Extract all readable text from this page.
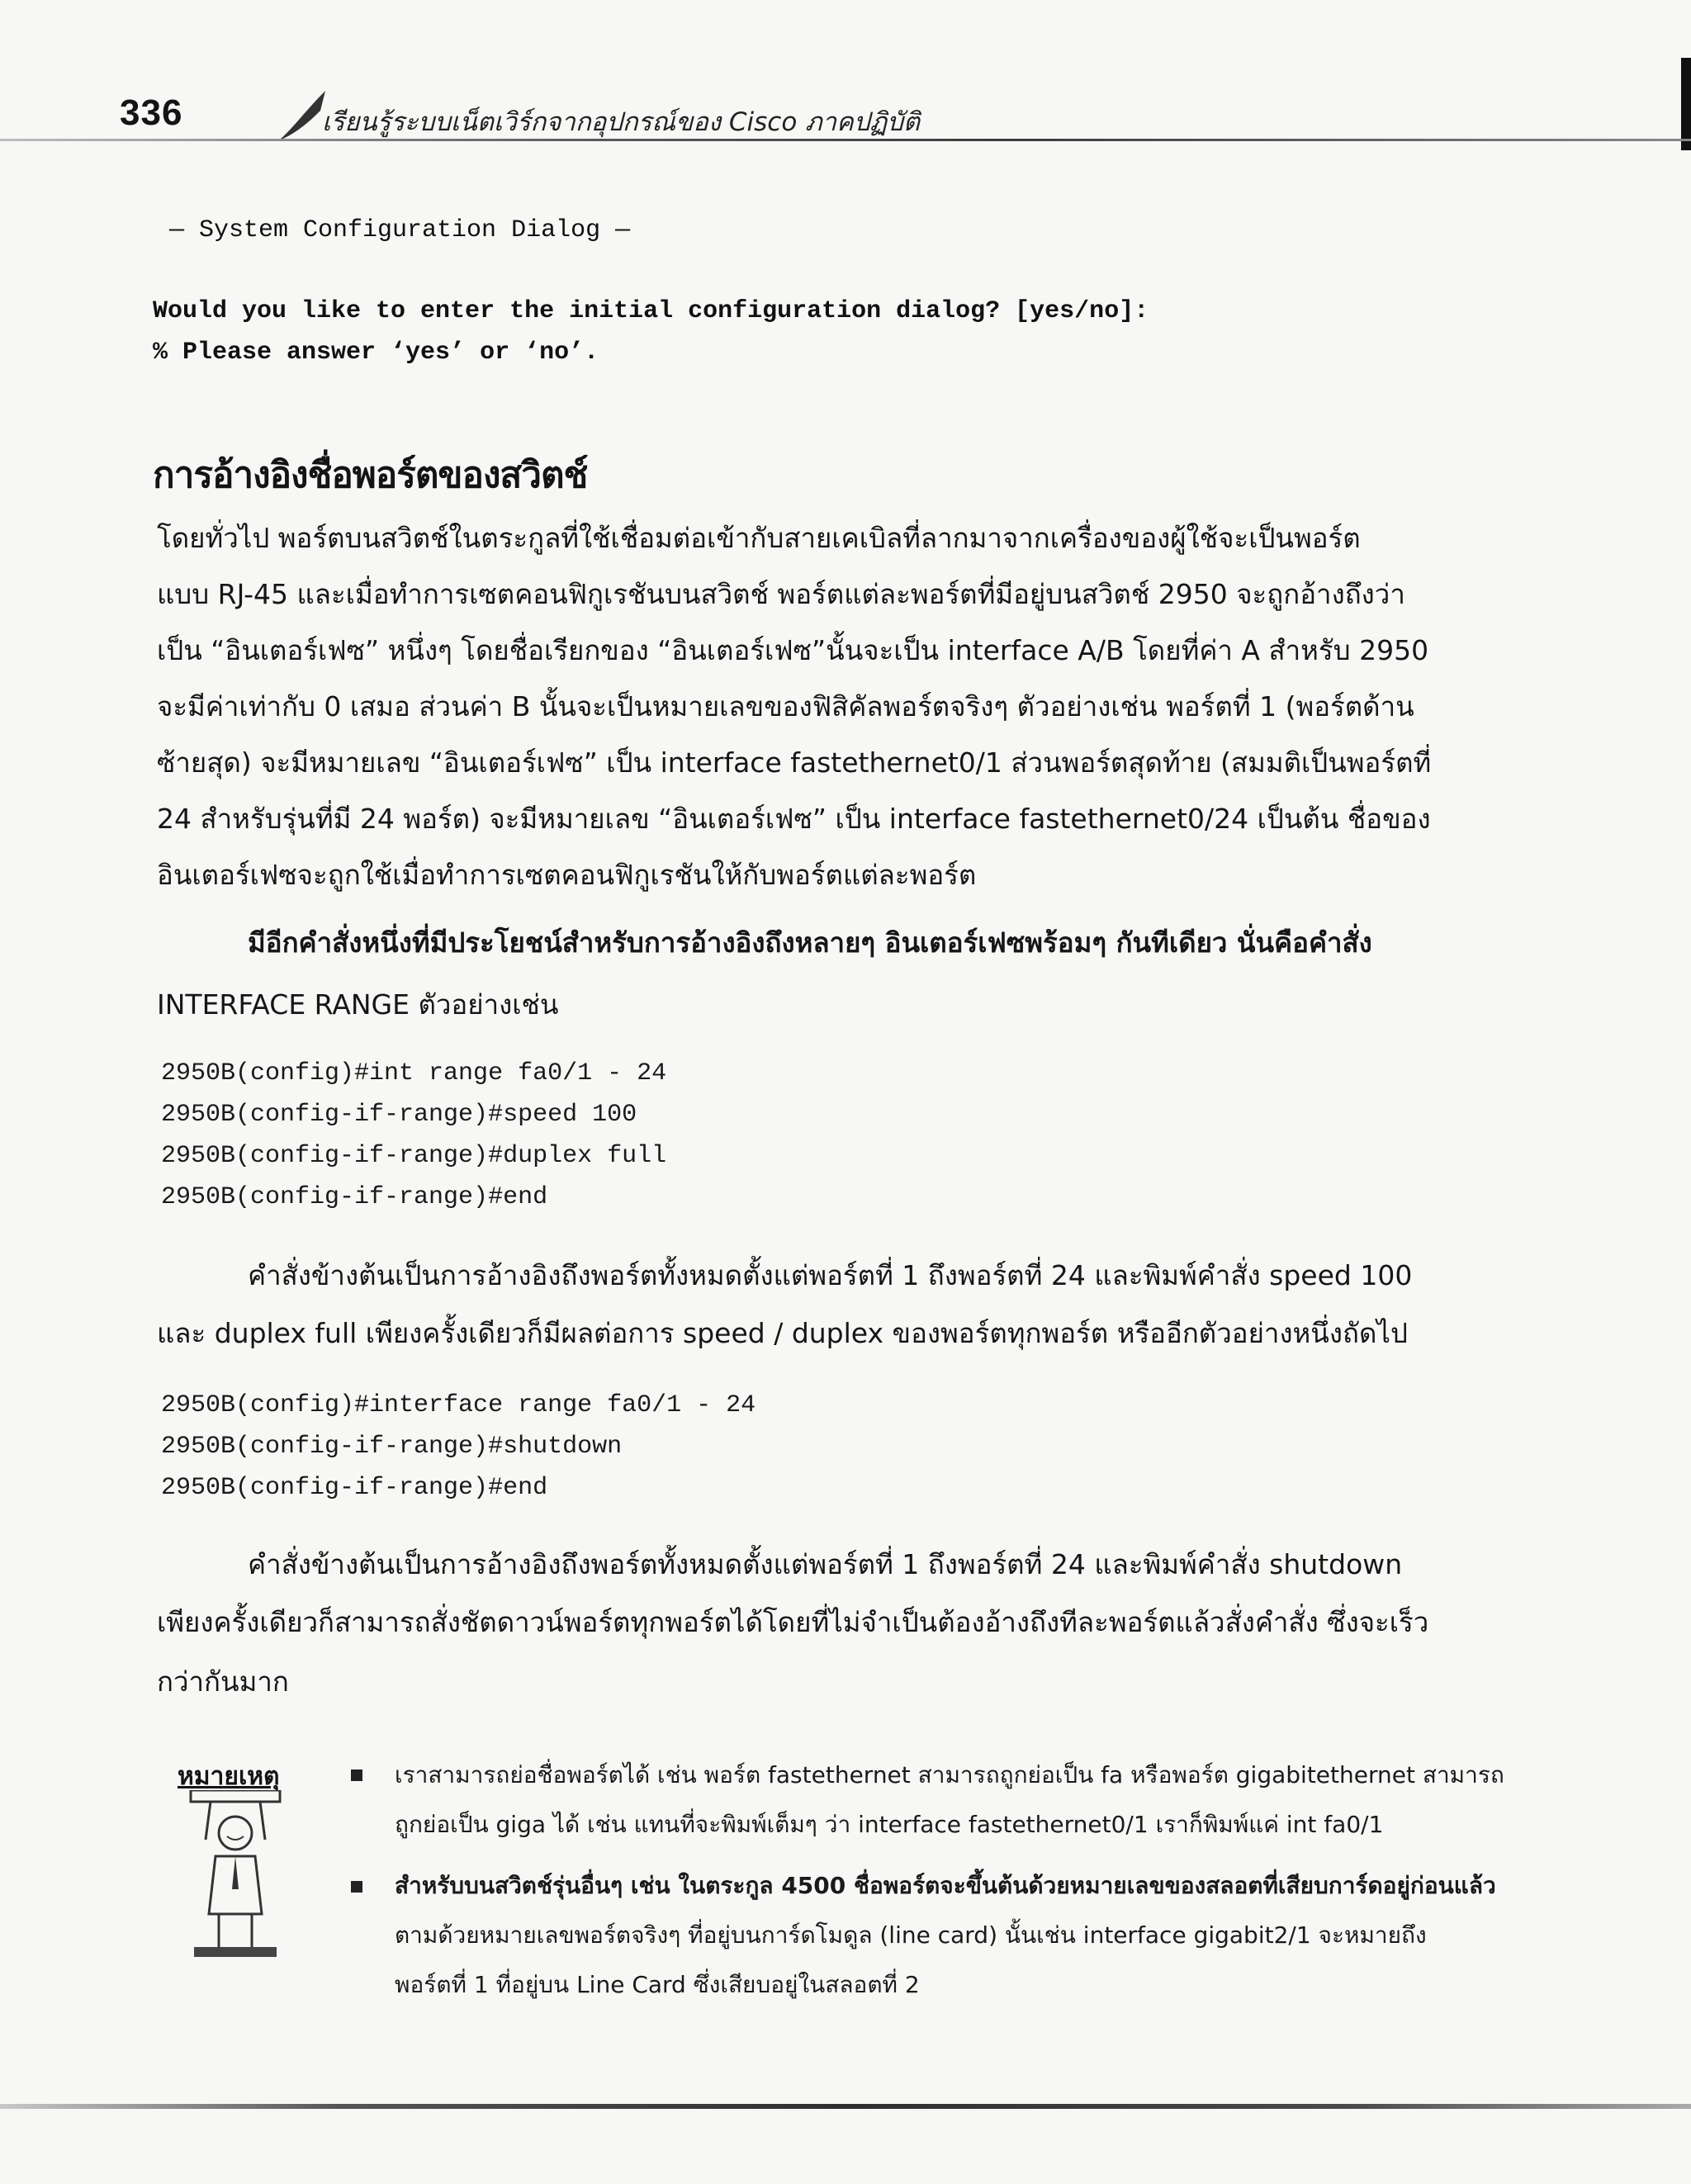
336	เรียนรู้ระบบเน็ตเวิร์กจากอุปกรณ์ของ Cisco ภาคปฏิบัติ
— System Configuration Dialog —
Would you like to enter the initial configuration dialog? [yes/no]:
% Please answer ‘yes’ or ‘no’.
การอ้างอิงชื่อพอร์ตของสวิตช์
โดยทั่วไป พอร์ตบนสวิตช์ในตระกูลที่ใช้เชื่อมต่อเข้ากับสายเคเบิลที่ลากมาจากเครื่องของผู้ใช้จะเป็นพอร์ต
แบบ RJ-45 และเมื่อทำการเซตคอนฟิกูเรชันบนสวิตช์ พอร์ตแต่ละพอร์ตที่มีอยู่บนสวิตช์ 2950 จะถูกอ้างถึงว่า
เป็น “อินเตอร์เฟซ” หนึ่งๆ โดยชื่อเรียกของ “อินเตอร์เฟซ”นั้นจะเป็น interface A/B โดยที่ค่า A สำหรับ 2950
จะมีค่าเท่ากับ 0 เสมอ ส่วนค่า B นั้นจะเป็นหมายเลขของฟิสิคัลพอร์ตจริงๆ ตัวอย่างเช่น พอร์ตที่ 1 (พอร์ตด้าน
ซ้ายสุด) จะมีหมายเลข “อินเตอร์เฟซ” เป็น interface fastethernet0/1 ส่วนพอร์ตสุดท้าย (สมมติเป็นพอร์ตที่
24 สำหรับรุ่นที่มี 24 พอร์ต) จะมีหมายเลข “อินเตอร์เฟซ” เป็น interface fastethernet0/24 เป็นต้น ชื่อของ
อินเตอร์เฟซจะถูกใช้เมื่อทำการเซตคอนฟิกูเรชันให้กับพอร์ตแต่ละพอร์ต
มีอีกคำสั่งหนึ่งที่มีประโยชน์สำหรับการอ้างอิงถึงหลายๆ อินเตอร์เฟซพร้อมๆ กันทีเดียว นั่นคือคำสั่ง
INTERFACE RANGE ตัวอย่างเช่น
2950B(config)#int range fa0/1 - 24
2950B(config-if-range)#speed 100
2950B(config-if-range)#duplex full
2950B(config-if-range)#end
คำสั่งข้างต้นเป็นการอ้างอิงถึงพอร์ตทั้งหมดตั้งแต่พอร์ตที่ 1 ถึงพอร์ตที่ 24 และพิมพ์คำสั่ง speed 100
และ duplex full เพียงครั้งเดียวก็มีผลต่อการ speed / duplex ของพอร์ตทุกพอร์ต หรืออีกตัวอย่างหนึ่งถัดไป
2950B(config)#interface range fa0/1 - 24
2950B(config-if-range)#shutdown
2950B(config-if-range)#end
คำสั่งข้างต้นเป็นการอ้างอิงถึงพอร์ตทั้งหมดตั้งแต่พอร์ตที่ 1 ถึงพอร์ตที่ 24 และพิมพ์คำสั่ง shutdown
เพียงครั้งเดียวก็สามารถสั่งชัตดาวน์พอร์ตทุกพอร์ตได้โดยที่ไม่จำเป็นต้องอ้างถึงทีละพอร์ตแล้วสั่งคำสั่ง ซึ่งจะเร็ว
กว่ากันมาก
หมายเหตุ	เราสามารถย่อชื่อพอร์ตได้ เช่น พอร์ต fastethernet สามารถถูกย่อเป็น fa หรือพอร์ต gigabitethernet สามารถ
ถูกย่อเป็น giga ได้ เช่น แทนที่จะพิมพ์เต็มๆ ว่า interface fastethernet0/1 เราก็พิมพ์แค่ int fa0/1
สำหรับบนสวิตช์รุ่นอื่นๆ เช่น ในตระกูล 4500 ชื่อพอร์ตจะขึ้นต้นด้วยหมายเลขของสลอตที่เสียบการ์ดอยู่ก่อนแล้ว
ตามด้วยหมายเลขพอร์ตจริงๆ ที่อยู่บนการ์ดโมดูล (line card) นั้นเช่น interface gigabit2/1 จะหมายถึง
พอร์ตที่ 1 ที่อยู่บน Line Card ซึ่งเสียบอยู่ในสลอตที่ 2
